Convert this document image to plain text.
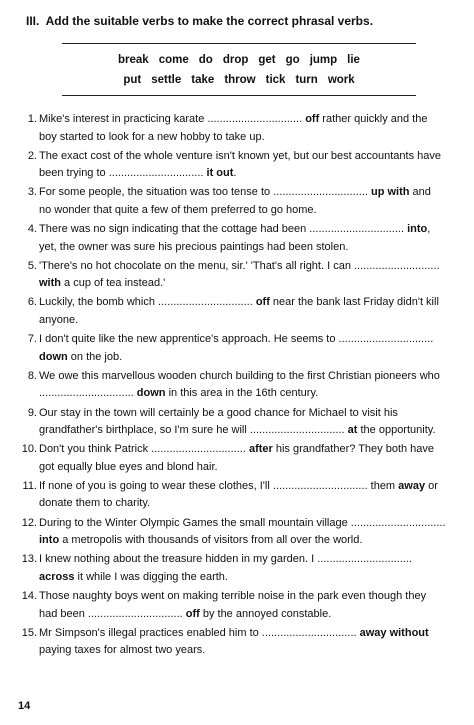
III. Add the suitable verbs to make the correct phrasal verbs.
break come do drop get go jump lie
put settle take throw tick turn work
1. Mike's interest in practicing karate ............................... off rather quickly and the boy started to look for a new hobby to take up.
2. The exact cost of the whole venture isn't known yet, but our best accountants have been trying to ............................... it out.
3. For some people, the situation was too tense to ............................... up with and no wonder that quite a few of them preferred to go home.
4. There was no sign indicating that the cottage had been ............................... into, yet, the owner was sure his precious paintings had been stolen.
5. 'There's no hot chocolate on the menu, sir.' 'That's all right. I can ............................ with a cup of tea instead.'
6. Luckily, the bomb which ............................... off near the bank last Friday didn't kill anyone.
7. I don't quite like the new apprentice's approach. He seems to ............................... down on the job.
8. We owe this marvellous wooden church building to the first Christian pioneers who ............................... down in this area in the 16th century.
9. Our stay in the town will certainly be a good chance for Michael to visit his grandfather's birthplace, so I'm sure he will ............................... at the opportunity.
10. Don't you think Patrick ............................... after his grandfather? They both have got equally blue eyes and blond hair.
11. If none of you is going to wear these clothes, I'll ............................... them away or donate them to charity.
12. During to the Winter Olympic Games the small mountain village ............................... into a metropolis with thousands of visitors from all over the world.
13. I knew nothing about the treasure hidden in my garden. I ............................... across it while I was digging the earth.
14. Those naughty boys went on making terrible noise in the park even though they had been ............................... off by the annoyed constable.
15. Mr Simpson's illegal practices enabled him to ............................... away without paying taxes for almost two years.
14
